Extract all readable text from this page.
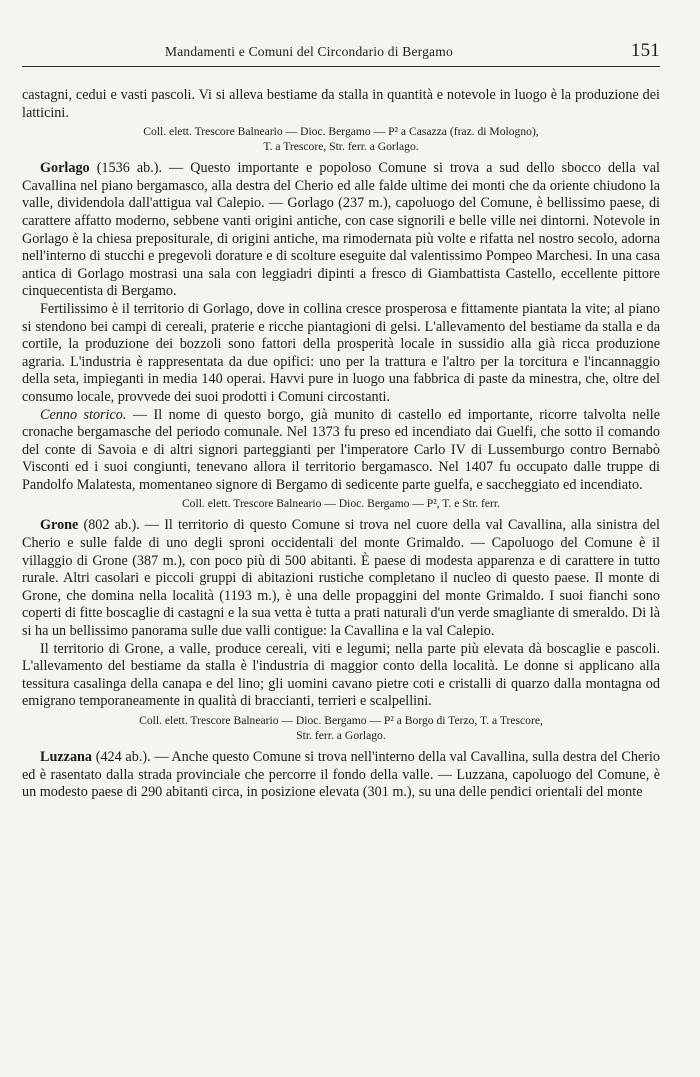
Mandamenti e Comuni del Circondario di Bergamo	151

castagni, cedui e vasti pascoli. Vi si alleva bestiame da stalla in quantità e notevole in luogo è la produzione dei latticini.

Coll. elett. Trescore Balneario — Dioc. Bergamo — P² a Casazza (fraz. di Mologno),
T. a Trescore, Str. ferr. a Gorlago.

Gorlago (1536 ab.). — Questo importante e popoloso Comune si trova a sud dello sbocco della val Cavallina nel piano bergamasco, alla destra del Cherio ed alle falde ultime dei monti che da oriente chiudono la valle, dividendola dall'attigua val Calepio. — Gorlago (237 m.), capoluogo del Comune, è bellissimo paese, di carattere affatto moderno, sebbene vanti origini antiche, con case signorili e belle ville nei dintorni. Notevole in Gorlago è la chiesa prepositurale, di origini antiche, ma rimodernata più volte e rifatta nel nostro secolo, adorna nell'interno di stucchi e pregevoli dorature e di scolture eseguite dal valentissimo Pompeo Marchesi. In una casa antica di Gorlago mostrasi una sala con leggiadri dipinti a fresco di Giambattista Castello, eccellente pittore cinquecentista di Bergamo.

Fertilissimo è il territorio di Gorlago, dove in collina cresce prosperosa e fittamente piantata la vite; al piano si stendono bei campi di cereali, praterie e ricche piantagioni di gelsi. L'allevamento del bestiame da stalla e da cortile, la produzione dei bozzoli sono fattori della prosperità locale in sussidio alla già ricca produzione agraria. L'industria è rappresentata da due opifici: uno per la trattura e l'altro per la torcitura e l'incannaggio della seta, impieganti in media 140 operai. Havvi pure in luogo una fabbrica di paste da minestra, che, oltre del consumo locale, provvede dei suoi prodotti i Comuni circostanti.

Cenno storico. — Il nome di questo borgo, già munito di castello ed importante, ricorre talvolta nelle cronache bergamasche del periodo comunale. Nel 1373 fu preso ed incendiato dai Guelfi, che sotto il comando del conte di Savoia e di altri signori parteggianti per l'imperatore Carlo IV di Lussemburgo contro Bernabò Visconti ed i suoi congiunti, tenevano allora il territorio bergamasco. Nel 1407 fu occupato dalle truppe di Pandolfo Malatesta, momentaneo signore di Bergamo di sedicente parte guelfa, e saccheggiato ed incendiato.

Coll. elett. Trescore Balneario — Dioc. Bergamo — P², T. e Str. ferr.

Grone (802 ab.). — Il territorio di questo Comune si trova nel cuore della val Cavallina, alla sinistra del Cherio e sulle falde di uno degli sproni occidentali del monte Grimaldo. — Capoluogo del Comune è il villaggio di Grone (387 m.), con poco più di 500 abitanti. È paese di modesta apparenza e di carattere in tutto rurale. Altri casolari e piccoli gruppi di abitazioni rustiche completano il nucleo di questo paese. Il monte di Grone, che domina nella località (1193 m.), è una delle propaggini del monte Grimaldo. I suoi fianchi sono coperti di fitte boscaglie di castagni e la sua vetta è tutta a prati naturali d'un verde smagliante di smeraldo. Di là si ha un bellissimo panorama sulle due valli contigue: la Cavallina e la val Calepio.

Il territorio di Grone, a valle, produce cereali, viti e legumi; nella parte più elevata dà boscaglie e pascoli. L'allevamento del bestiame da stalla è l'industria di maggior conto della località. Le donne si applicano alla tessitura casalinga della canapa e del lino; gli uomini cavano pietre coti e cristalli di quarzo dalla montagna od emigrano temporaneamente in qualità di braccianti, terrieri e scalpellini.

Coll. elett. Trescore Balneario — Dioc. Bergamo — P² a Borgo di Terzo, T. a Trescore,
Str. ferr. a Gorlago.

Luzzana (424 ab.). — Anche questo Comune si trova nell'interno della val Cavallina, sulla destra del Cherio ed è rasentato dalla strada provinciale che percorre il fondo della valle. — Luzzana, capoluogo del Comune, è un modesto paese di 290 abitanti circa, in posizione elevata (301 m.), su una delle pendici orientali del monte
